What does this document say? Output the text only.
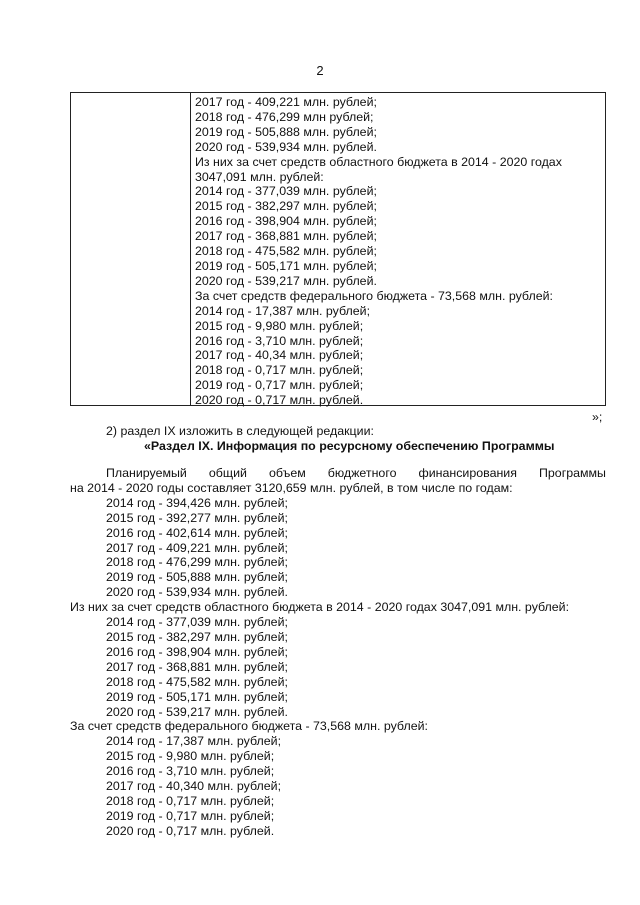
2
2017 год - 409,221 млн. рублей;
2018 год - 476,299 млн рублей;
2019 год - 505,888 млн. рублей;
2020 год - 539,934 млн. рублей.
Из них за счет средств областного бюджета в 2014 - 2020 годах
3047,091 млн. рублей:
2014 год - 377,039 млн. рублей;
2015 год - 382,297 млн. рублей;
2016 год - 398,904 млн. рублей;
2017 год - 368,881 млн. рублей;
2018 год - 475,582 млн. рублей;
2019 год - 505,171 млн. рублей;
2020 год - 539,217 млн. рублей.
За счет средств федерального бюджета - 73,568 млн. рублей:
2014 год - 17,387 млн. рублей;
2015 год - 9,980 млн. рублей;
2016 год - 3,710 млн. рублей;
2017 год - 40,34 млн. рублей;
2018 год - 0,717 млн. рублей;
2019 год - 0,717 млн. рублей;
2020 год - 0,717 млн. рублей.
»;
2) раздел IX изложить в следующей редакции:
«Раздел IX. Информация по ресурсному обеспечению Программы
Планируемый общий объем бюджетного финансирования Программы
на 2014 - 2020 годы составляет 3120,659 млн. рублей, в том числе по годам:
2014 год - 394,426 млн. рублей;
2015 год - 392,277 млн. рублей;
2016 год - 402,614 млн. рублей;
2017 год - 409,221 млн. рублей;
2018 год - 476,299 млн. рублей;
2019 год - 505,888 млн. рублей;
2020 год - 539,934 млн. рублей.
Из них за счет средств областного бюджета в 2014 - 2020 годах 3047,091 млн. рублей:
2014 год - 377,039 млн. рублей;
2015 год - 382,297 млн. рублей;
2016 год - 398,904 млн. рублей;
2017 год - 368,881 млн. рублей;
2018 год - 475,582 млн. рублей;
2019 год - 505,171 млн. рублей;
2020 год - 539,217 млн. рублей.
За счет средств федерального бюджета - 73,568 млн. рублей:
2014 год - 17,387 млн. рублей;
2015 год - 9,980 млн. рублей;
2016 год - 3,710 млн. рублей;
2017 год - 40,340 млн. рублей;
2018 год - 0,717 млн. рублей;
2019 год - 0,717 млн. рублей;
2020 год - 0,717 млн. рублей.
